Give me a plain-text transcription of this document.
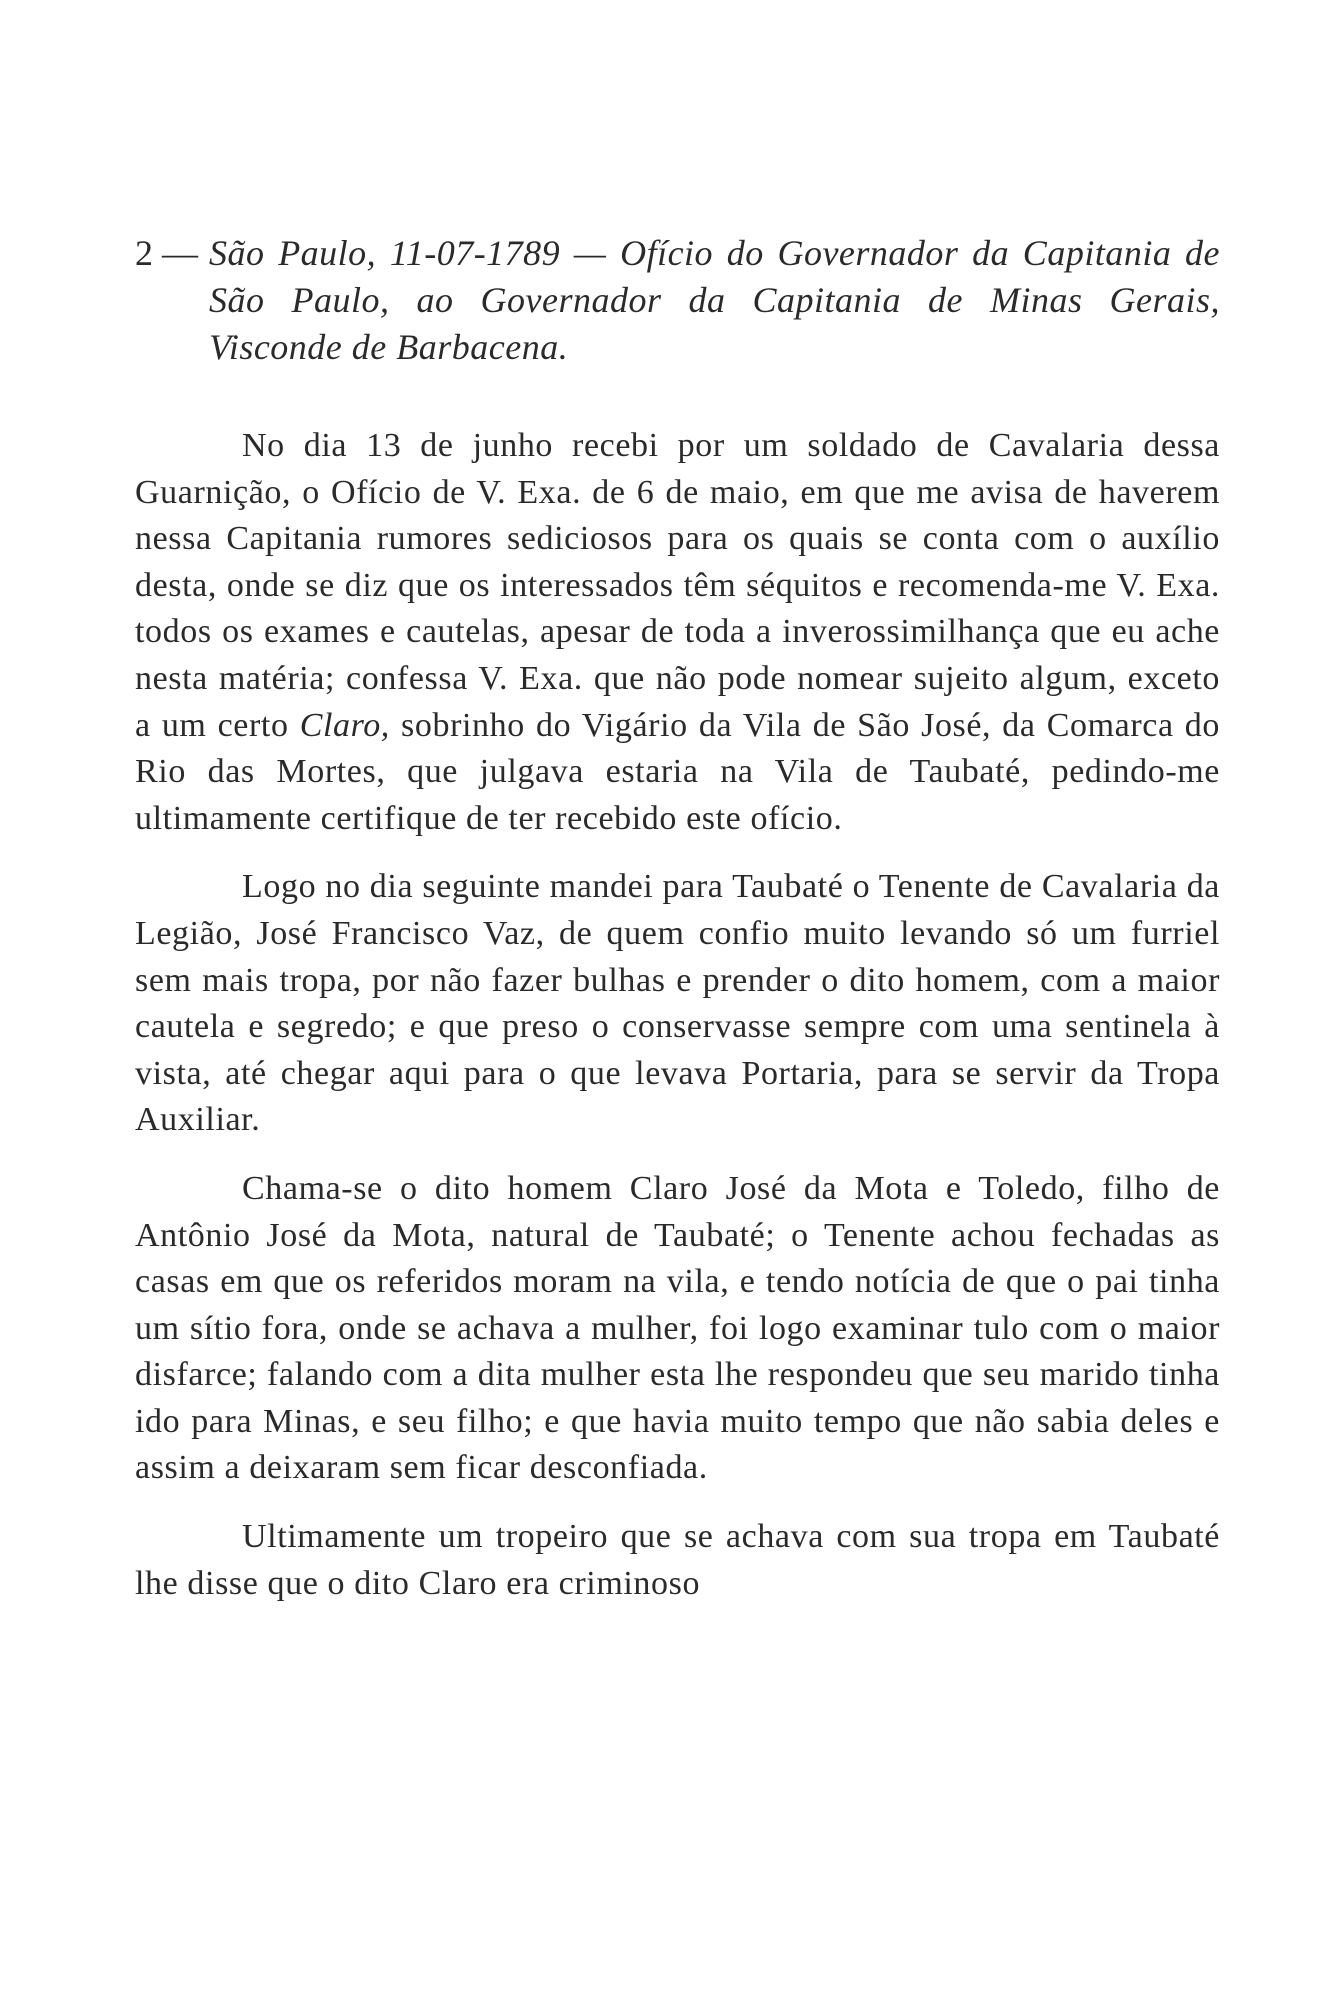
2 — São Paulo, 11-07-1789 — Ofício do Governador da Capitania de São Paulo, ao Governador da Capitania de Minas Gerais, Visconde de Barbacena.

No dia 13 de junho recebi por um soldado de Cavalaria dessa Guarnição, o Ofício de V. Exa. de 6 de maio, em que me avisa de haverem nessa Capitania rumores sediciosos para os quais se conta com o auxílio desta, onde se diz que os interessados têm séquitos e recomenda-me V. Exa. todos os exames e cautelas, apesar de toda a inverossimilhança que eu ache nesta matéria; confessa V. Exa. que não pode nomear sujeito algum, exceto a um certo Claro, sobrinho do Vigário da Vila de São José, da Comarca do Rio das Mortes, que julgava estaria na Vila de Taubaté, pedindo-me ultimamente certifique de ter recebido este ofício.

Logo no dia seguinte mandei para Taubaté o Tenente de Cavalaria da Legião, José Francisco Vaz, de quem confio muito levando só um furriel sem mais tropa, por não fazer bulhas e prender o dito homem, com a maior cautela e segredo; e que preso o conservasse sempre com uma sentinela à vista, até chegar aqui para o que levava Portaria, para se servir da Tropa Auxiliar.

Chama-se o dito homem Claro José da Mota e Toledo, filho de Antônio José da Mota, natural de Taubaté; o Tenente achou fechadas as casas em que os referidos moram na vila, e tendo notícia de que o pai tinha um sítio fora, onde se achava a mulher, foi logo examinar tulo com o maior disfarce; falando com a dita mulher esta lhe respondeu que seu marido tinha ido para Minas, e seu filho; e que havia muito tempo que não sabia deles e assim a deixaram sem ficar desconfiada.

Ultimamente um tropeiro que se achava com sua tropa em Taubaté lhe disse que o dito Claro era criminoso
